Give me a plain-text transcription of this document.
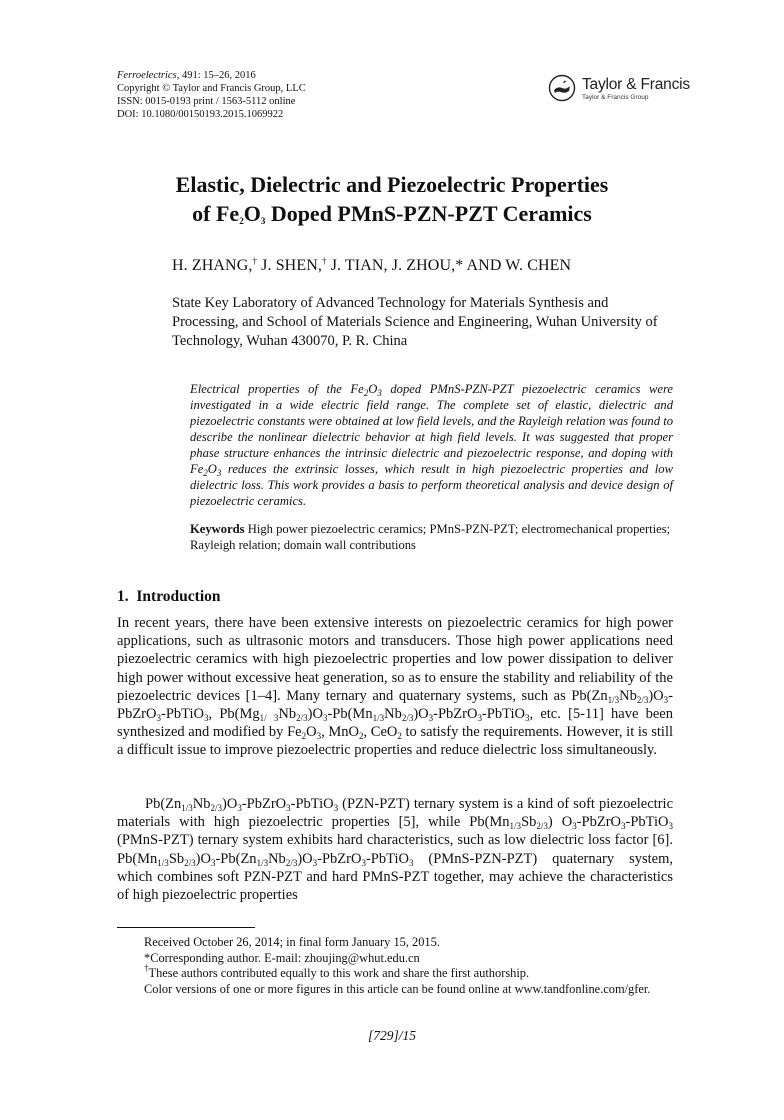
Ferroelectrics, 491: 15–26, 2016
Copyright © Taylor and Francis Group, LLC
ISSN: 0015-0193 print / 1563-5112 online
DOI: 10.1080/00150193.2015.1069922
Taylor & Francis
Taylor & Francis Group
Elastic, Dielectric and Piezoelectric Properties
of $Fe_2O_3$ Doped PMnS-PZN-PZT Ceramics
H. ZHANG,† J. SHEN,† J. TIAN, J. ZHOU,* AND W. CHEN
State Key Laboratory of Advanced Technology for Materials Synthesis and Processing, and School of Materials Science and Engineering, Wuhan University of Technology, Wuhan 430070, P. R. China
Electrical properties of the $Fe_2O_3$ doped PMnS-PZN-PZT piezoelectric ceramics were investigated in a wide electric field range. The complete set of elastic, dielectric and piezoelectric constants were obtained at low field levels, and the Rayleigh relation was found to describe the nonlinear dielectric behavior at high field levels. It was suggested that proper phase structure enhances the intrinsic dielectric and piezoelectric response, and doping with $Fe_2O_3$ reduces the extrinsic losses, which result in high piezoelectric properties and low dielectric loss. This work provides a basis to perform theoretical analysis and device design of piezoelectric ceramics.
Keywords High power piezoelectric ceramics; PMnS-PZN-PZT; electromechanical properties; Rayleigh relation; domain wall contributions
1. Introduction
In recent years, there have been extensive interests on piezoelectric ceramics for high power applications, such as ultrasonic motors and transducers. Those high power applications need piezoelectric ceramics with high piezoelectric properties and low power dissipation to deliver high power without excessive heat generation, so as to ensure the stability and reliability of the piezoelectric devices [1–4]. Many ternary and quaternary systems, such as $Pb(Zn_{1/3}Nb_{2/3})O_3-PbZrO_3-PbTiO_3$, $Pb(Mg_{1/}$ $_3Nb_{2/3})O_3-Pb(Mn_{1/3}Nb_{2/3})O_3-PbZrO_3-PbTiO_3$, etc. [5-11] have been synthesized and modified by $Fe_2O_3$, MnO$_2$, CeO$_2$ to satisfy the requirements. However, it is still a difficult issue to improve piezoelectric properties and reduce dielectric loss simultaneously.
$Pb(Zn_{1/3}Nb_{2/3})O_3-PbZrO_3-PbTiO_3$ (PZN-PZT) ternary system is a kind of soft piezoelectric materials with high piezoelectric properties [5], while $Pb(Mn_{1/3}Sb_{2/3})$ $O_3-PbZrO_3-PbTiO_3$ (PMnS-PZT) ternary system exhibits hard characteristics, such as low dielectric loss factor [6]. $Pb(Mn_{1/3}Sb_{2/3})O_3-Pb(Zn_{1/3}Nb_{2/3})O_3-PbZrO_3-PbTiO_3$ (PMnS-PZN-PZT) quaternary system, which combines soft PZN-PZT and hard PMnS-PZT together, may achieve the characteristics of high piezoelectric properties
Received October 26, 2014; in final form January 15, 2015.
*Corresponding author. E-mail: zhoujing@whut.edu.cn
†These authors contributed equally to this work and share the first authorship.
Color versions of one or more figures in this article can be found online at www.tandfonline.com/gfer.
[729]/15
